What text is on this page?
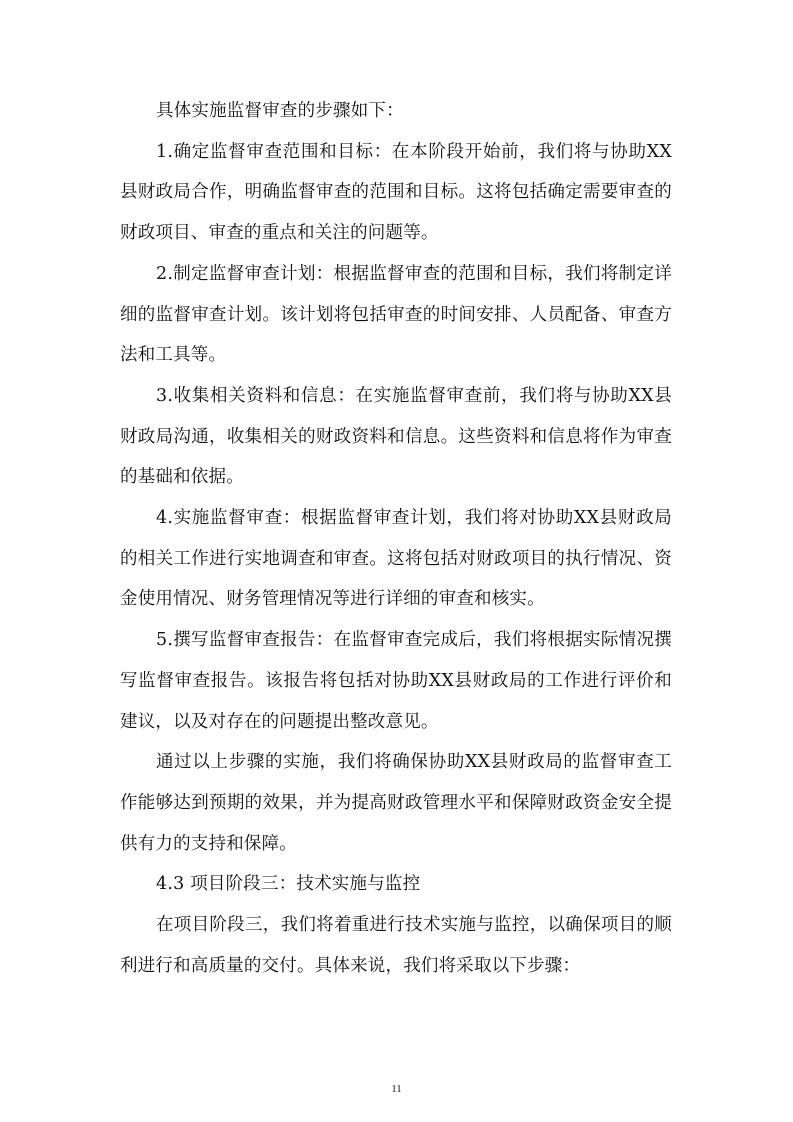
具体实施监督审查的步骤如下：

1.确定监督审查范围和目标：在本阶段开始前，我们将与协助XX县财政局合作，明确监督审查的范围和目标。这将包括确定需要审查的财政项目、审查的重点和关注的问题等。

2.制定监督审查计划：根据监督审查的范围和目标，我们将制定详细的监督审查计划。该计划将包括审查的时间安排、人员配备、审查方法和工具等。

3.收集相关资料和信息：在实施监督审查前，我们将与协助XX县财政局沟通，收集相关的财政资料和信息。这些资料和信息将作为审查的基础和依据。

4.实施监督审查：根据监督审查计划，我们将对协助XX县财政局的相关工作进行实地调查和审查。这将包括对财政项目的执行情况、资金使用情况、财务管理情况等进行详细的审查和核实。

5.撰写监督审查报告：在监督审查完成后，我们将根据实际情况撰写监督审查报告。该报告将包括对协助XX县财政局的工作进行评价和建议，以及对存在的问题提出整改意见。

通过以上步骤的实施，我们将确保协助XX县财政局的监督审查工作能够达到预期的效果，并为提高财政管理水平和保障财政资金安全提供有力的支持和保障。

4.3 项目阶段三：技术实施与监控

在项目阶段三，我们将着重进行技术实施与监控，以确保项目的顺利进行和高质量的交付。具体来说，我们将采取以下步骤：

11
